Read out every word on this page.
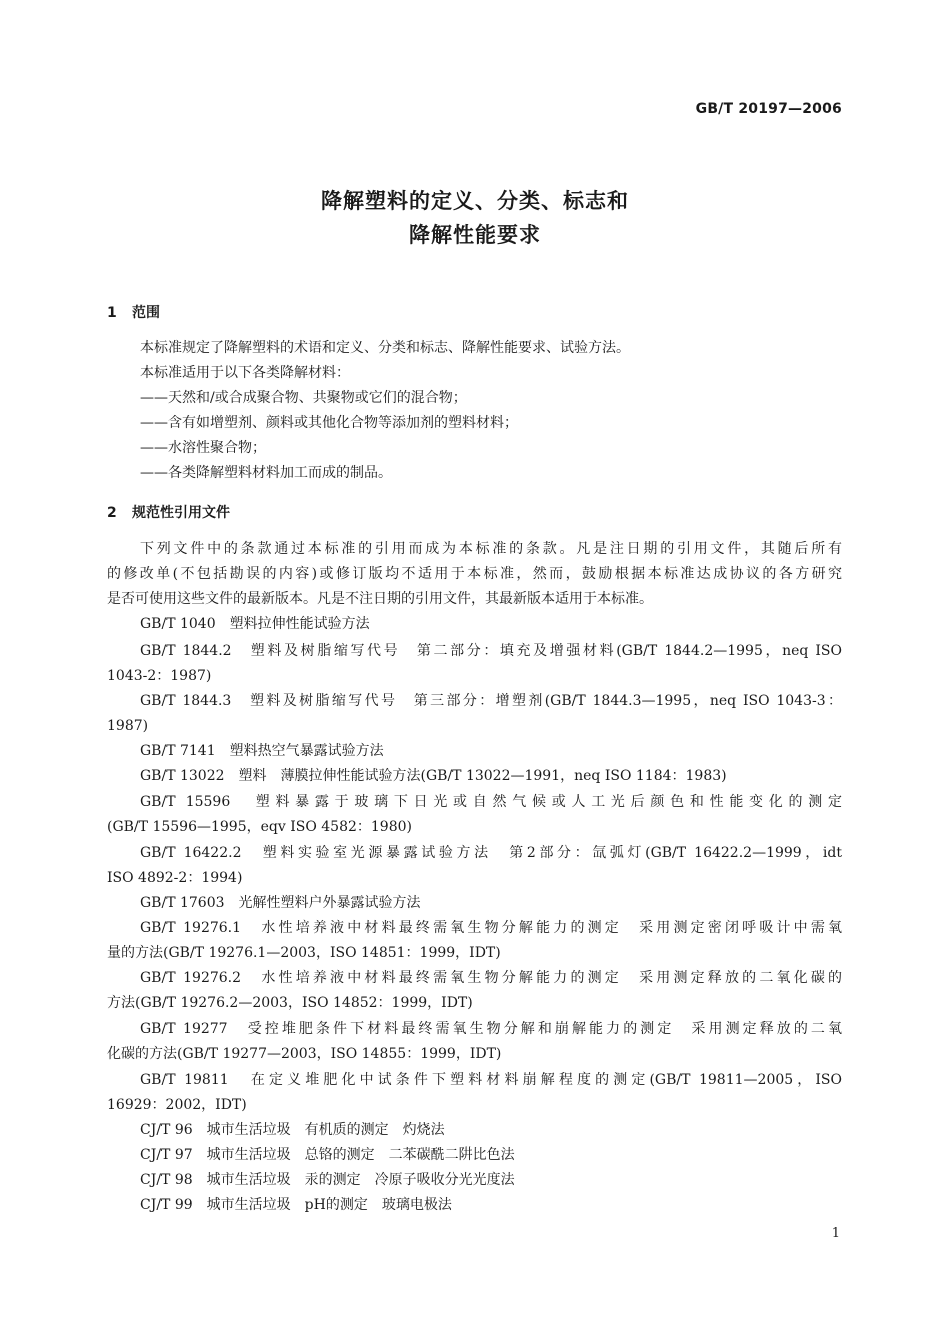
GB/T 20197—2006
降解塑料的定义、分类、标志和
降解性能要求
1 范围
本标准规定了降解塑料的术语和定义、分类和标志、降解性能要求、试验方法。
本标准适用于以下各类降解材料：
——天然和/或合成聚合物、共聚物或它们的混合物；
——含有如增塑剂、颜料或其他化合物等添加剂的塑料材料；
——水溶性聚合物；
——各类降解塑料材料加工而成的制品。
2 规范性引用文件
下列文件中的条款通过本标准的引用而成为本标准的条款。凡是注日期的引用文件，其随后所有
的修改单(不包括勘误的内容)或修订版均不适用于本标准，然而，鼓励根据本标准达成协议的各方研究
是否可使用这些文件的最新版本。凡是不注日期的引用文件，其最新版本适用于本标准。
GB/T 1040　塑料拉伸性能试验方法
GB/T 1844.2　塑料及树脂缩写代号　第二部分：填充及增强材料(GB/T 1844.2—1995，neq ISO
1043-2：1987)
GB/T 1844.3　塑料及树脂缩写代号　第三部分：增塑剂(GB/T 1844.3—1995，neq ISO 1043-3：
1987)
GB/T 7141　塑料热空气暴露试验方法
GB/T 13022　塑料　薄膜拉伸性能试验方法(GB/T 13022—1991，neq ISO 1184：1983)
GB/T 15596　塑料暴露于玻璃下日光或自然气候或人工光后颜色和性能变化的测定
(GB/T 15596—1995，eqv ISO 4582：1980)
GB/T 16422.2　塑料实验室光源暴露试验方法　第2部分：氙弧灯(GB/T 16422.2—1999，idt
ISO 4892-2：1994)
GB/T 17603　光解性塑料户外暴露试验方法
GB/T 19276.1　水性培养液中材料最终需氧生物分解能力的测定　采用测定密闭呼吸计中需氧
量的方法(GB/T 19276.1—2003，ISO 14851：1999，IDT)
GB/T 19276.2　水性培养液中材料最终需氧生物分解能力的测定　采用测定释放的二氧化碳的
方法(GB/T 19276.2—2003，ISO 14852：1999，IDT)
GB/T 19277　受控堆肥条件下材料最终需氧生物分解和崩解能力的测定　采用测定释放的二氧
化碳的方法(GB/T 19277—2003，ISO 14855：1999，IDT)
GB/T 19811　在定义堆肥化中试条件下塑料材料崩解程度的测定(GB/T 19811—2005，ISO
16929：2002，IDT)
CJ/T 96　城市生活垃圾　有机质的测定　灼烧法
CJ/T 97　城市生活垃圾　总铬的测定　二苯碳酰二阱比色法
CJ/T 98　城市生活垃圾　汞的测定　冷原子吸收分光光度法
CJ/T 99　城市生活垃圾　pH的测定　玻璃电极法
1
